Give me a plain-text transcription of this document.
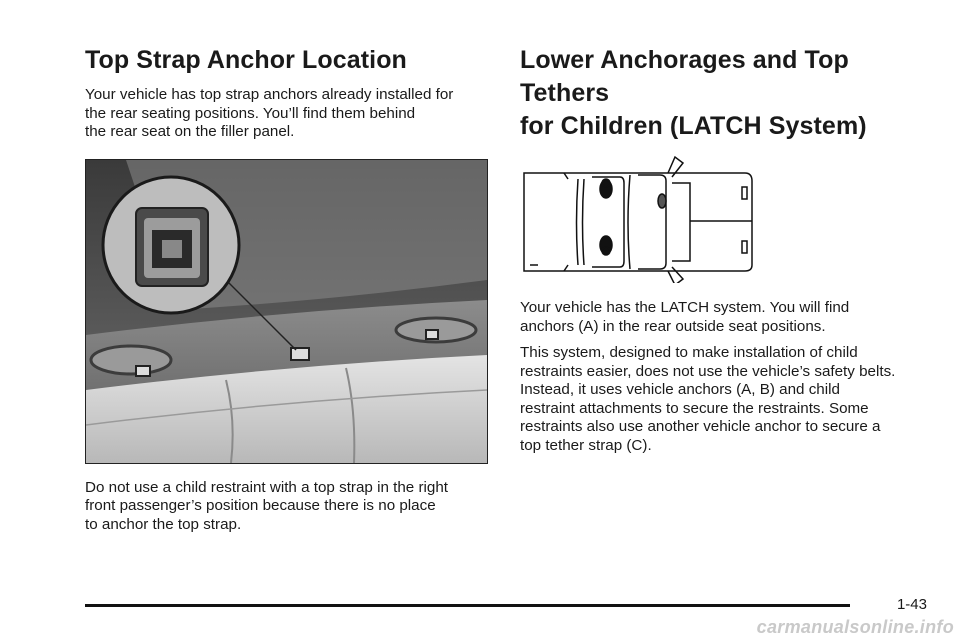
Top Strap Anchor Location

Your vehicle has top strap anchors already installed for
the rear seating positions. You’ll find them behind
the rear seat on the filler panel.

Do not use a child restraint with a top strap in the right
front passenger’s position because there is no place
to anchor the top strap.

Lower Anchorages and Top Tethers
for Children (LATCH System)

Your vehicle has the LATCH system. You will find
anchors (A) in the rear outside seat positions.

This system, designed to make installation of child
restraints easier, does not use the vehicle’s safety belts.
Instead, it uses vehicle anchors (A, B) and child
restraint attachments to secure the restraints. Some
restraints also use another vehicle anchor to secure a
top tether strap (C).

1-43
carmanualsonline.info
